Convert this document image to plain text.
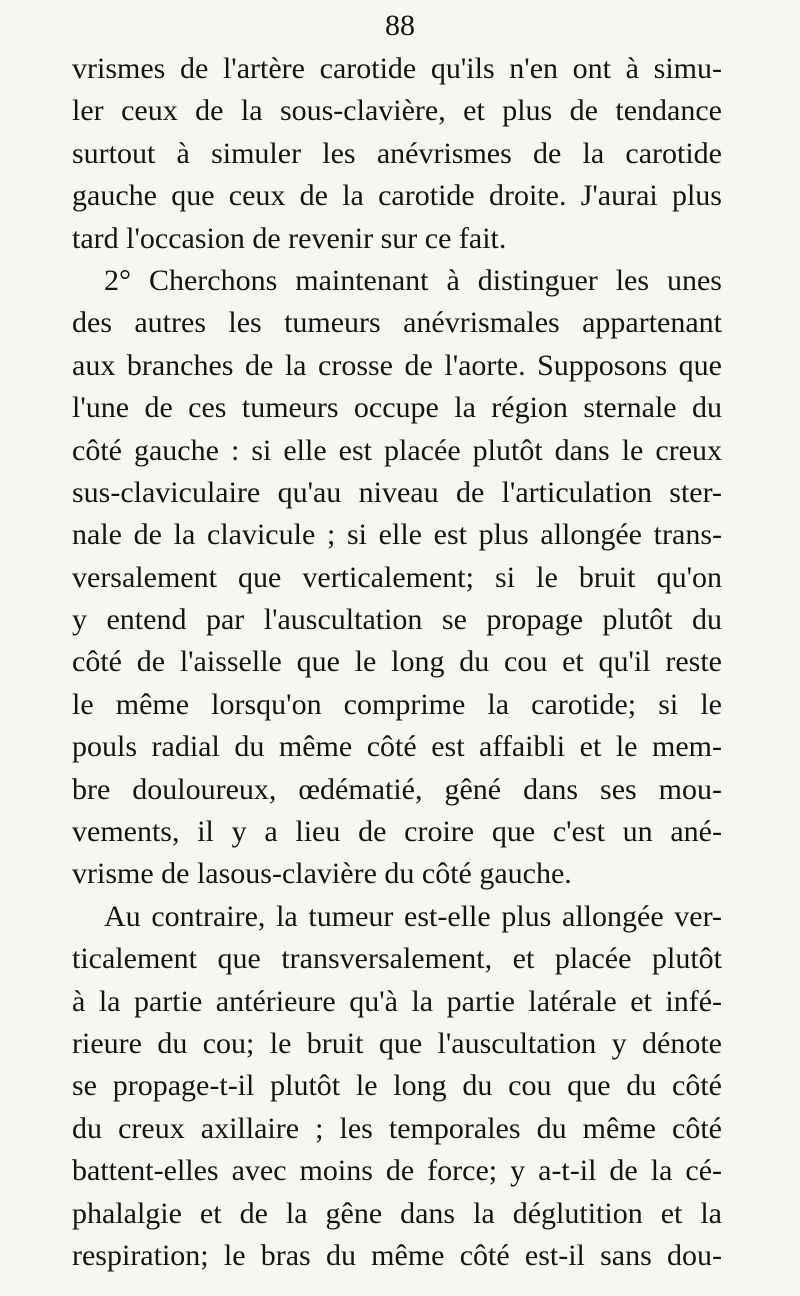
88
vrismes de l'artère carotide qu'ils n'en ont à simu-
ler ceux de la sous-clavière, et plus de tendance
surtout à simuler les anévrismes de la carotide
gauche que ceux de la carotide droite. J'aurai plus
tard l'occasion de revenir sur ce fait.
2° Cherchons maintenant à distinguer les unes
des autres les tumeurs anévrismales appartenant
aux branches de la crosse de l'aorte. Supposons que
l'une de ces tumeurs occupe la région sternale du
côté gauche : si elle est placée plutôt dans le creux
sus-claviculaire qu'au niveau de l'articulation ster-
nale de la clavicule ; si elle est plus allongée trans-
versalement que verticalement; si le bruit qu'on
y entend par l'auscultation se propage plutôt du
côté de l'aisselle que le long du cou et qu'il reste
le même lorsqu'on comprime la carotide; si le
pouls radial du même côté est affaibli et le mem-
bre douloureux, œdématié, gêné dans ses mou-
vements, il y a lieu de croire que c'est un ané-
vrisme de lasous-clavière du côté gauche.
Au contraire, la tumeur est-elle plus allongée ver-
ticalement que transversalement, et placée plutôt
à la partie antérieure qu'à la partie latérale et infé-
rieure du cou; le bruit que l'auscultation y dénote
se propage-t-il plutôt le long du cou que du côté
du creux axillaire ; les temporales du même côté
battent-elles avec moins de force; y a-t-il de la cé-
phalalgie et de la gêne dans la déglutition et la
respiration; le bras du même côté est-il sans dou-
